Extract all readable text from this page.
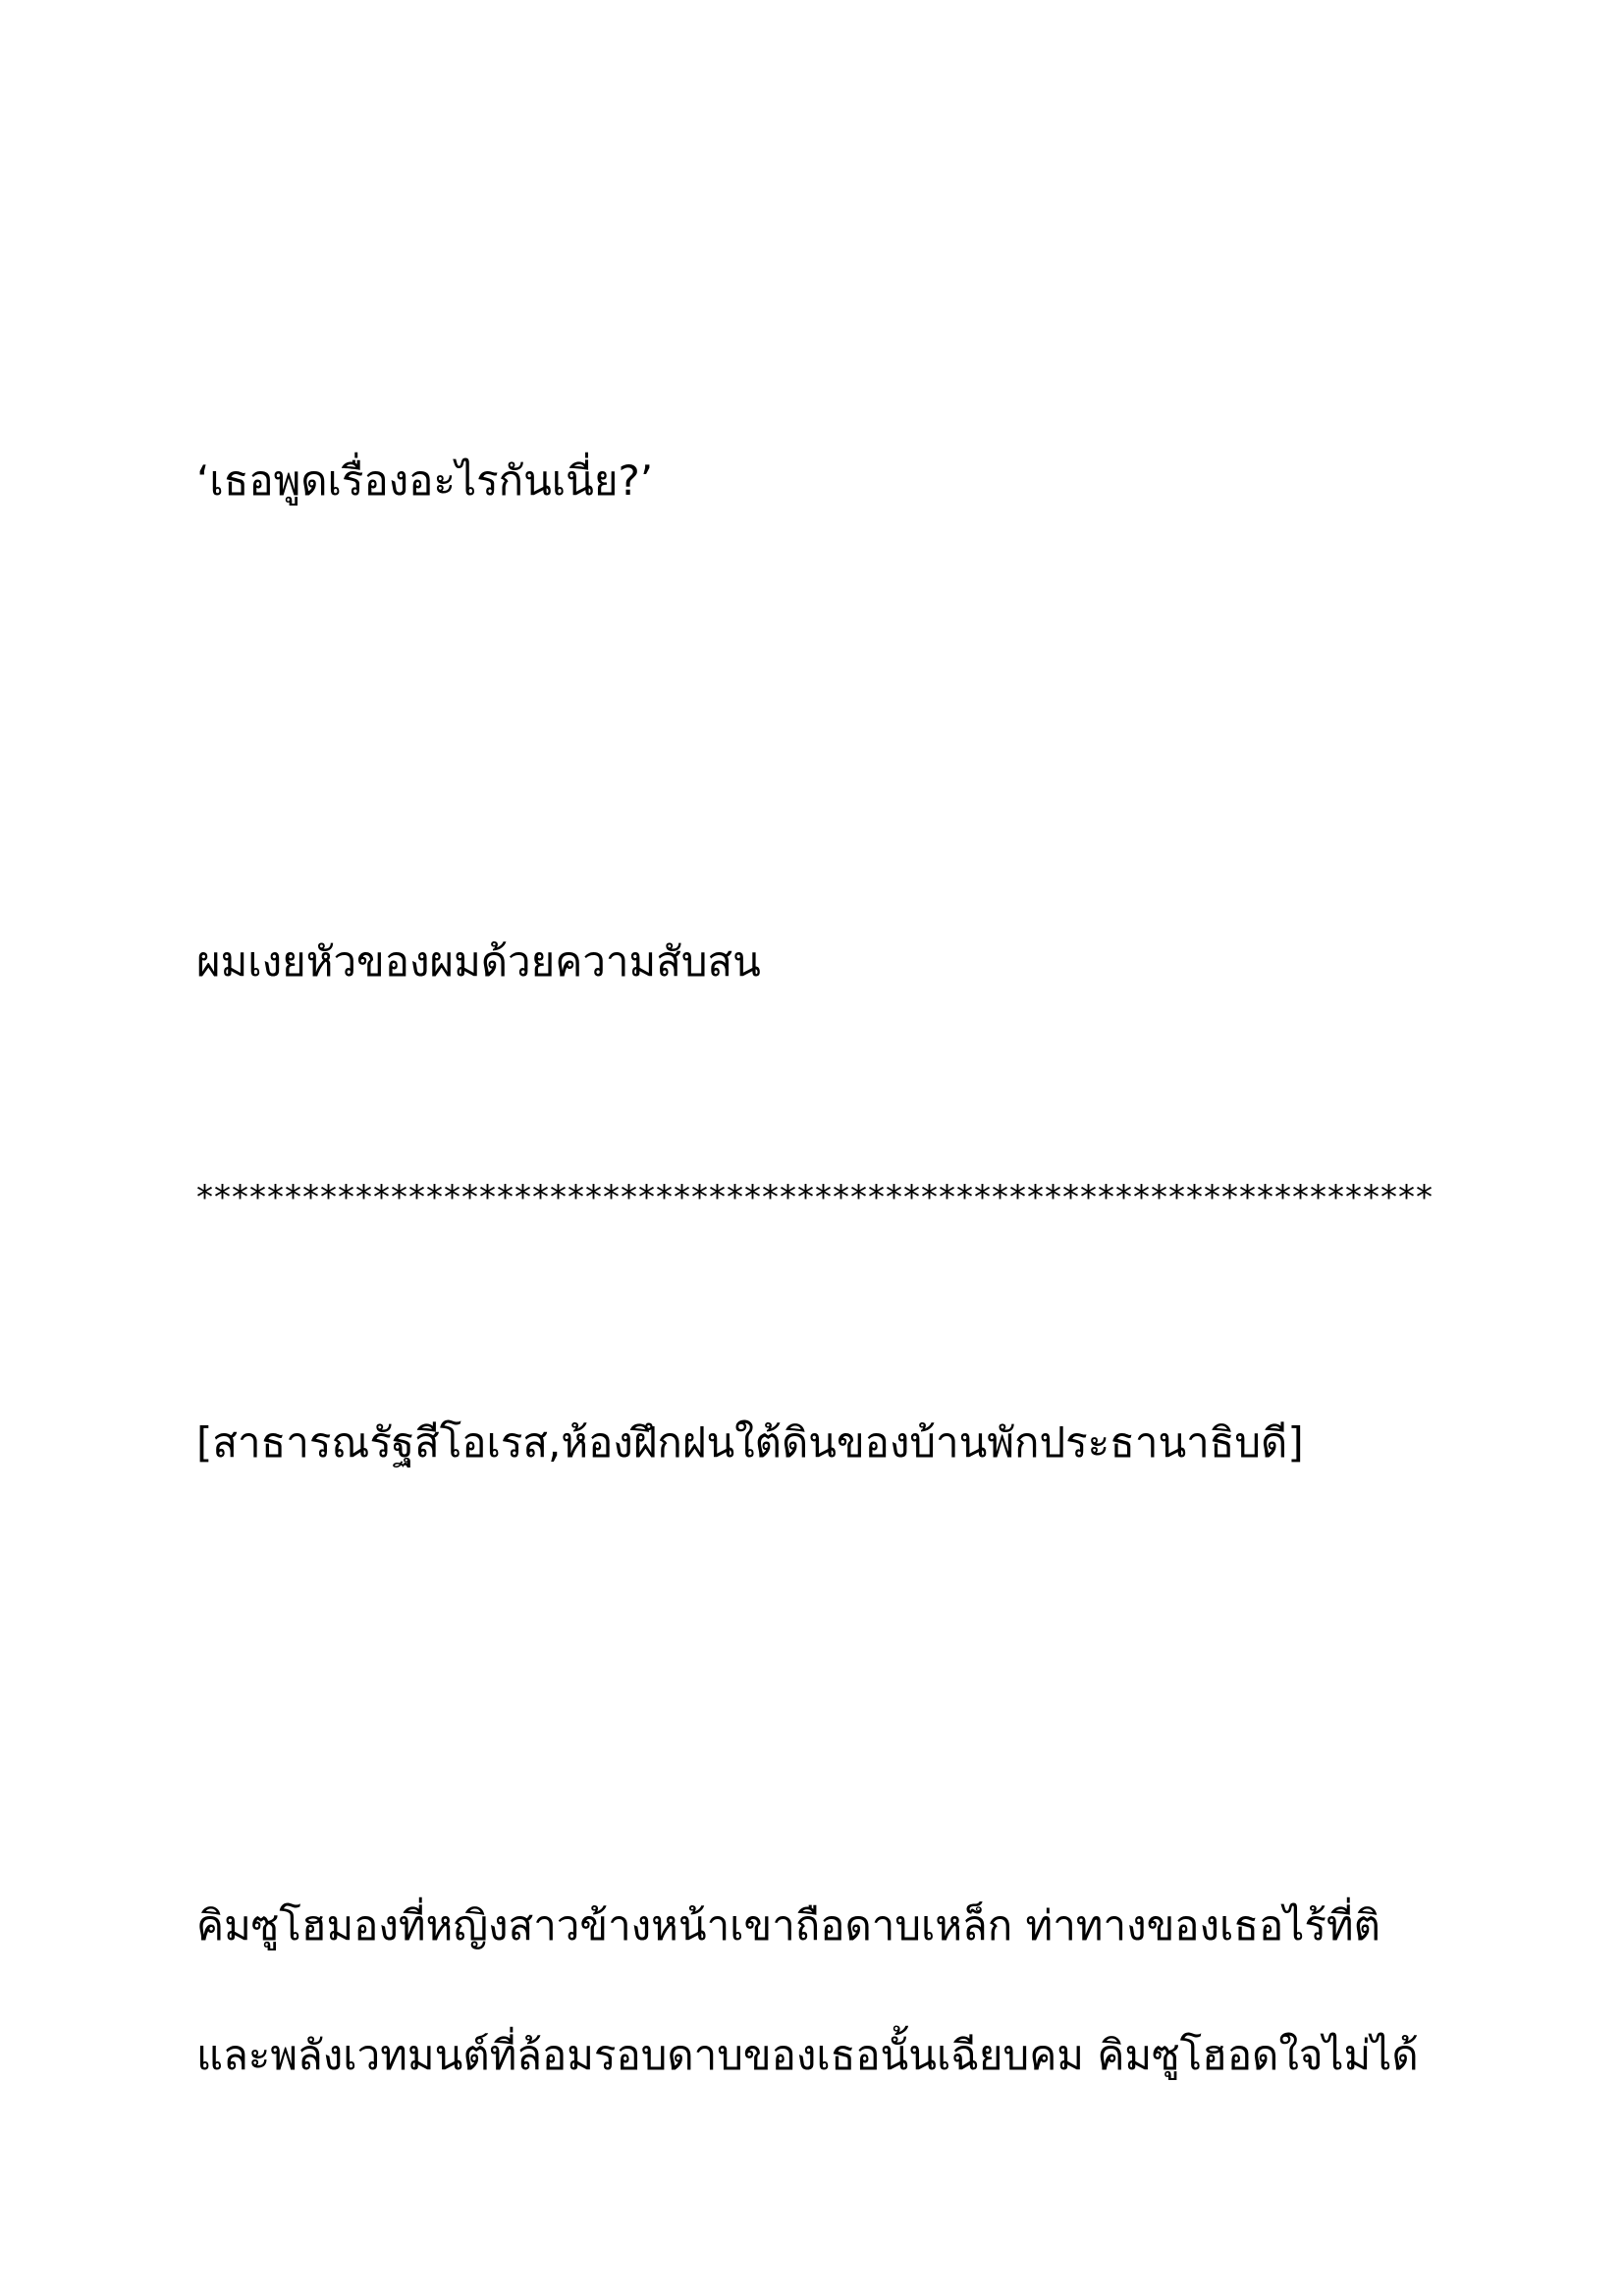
‘เธอพูดเรื่องอะไรกันเนี่ย?’

ผมเงยหัวของผมด้วยความสับสน

**********************************************************************

[สาธารณรัฐสีโอเรส,ห้องฝึกฝนใต้ดินของบ้านพักประธานาธิบดี]

คิมซูโฮมองที่หญิงสาวข้างหน้าเขาถือดาบเหล็ก ท่าทางของเธอไร้ที่ติ

และพลังเวทมนต์ที่ล้อมรอบดาบของเธอนั้นเฉียบคม คิมซูโฮอดใจไม่ได้
